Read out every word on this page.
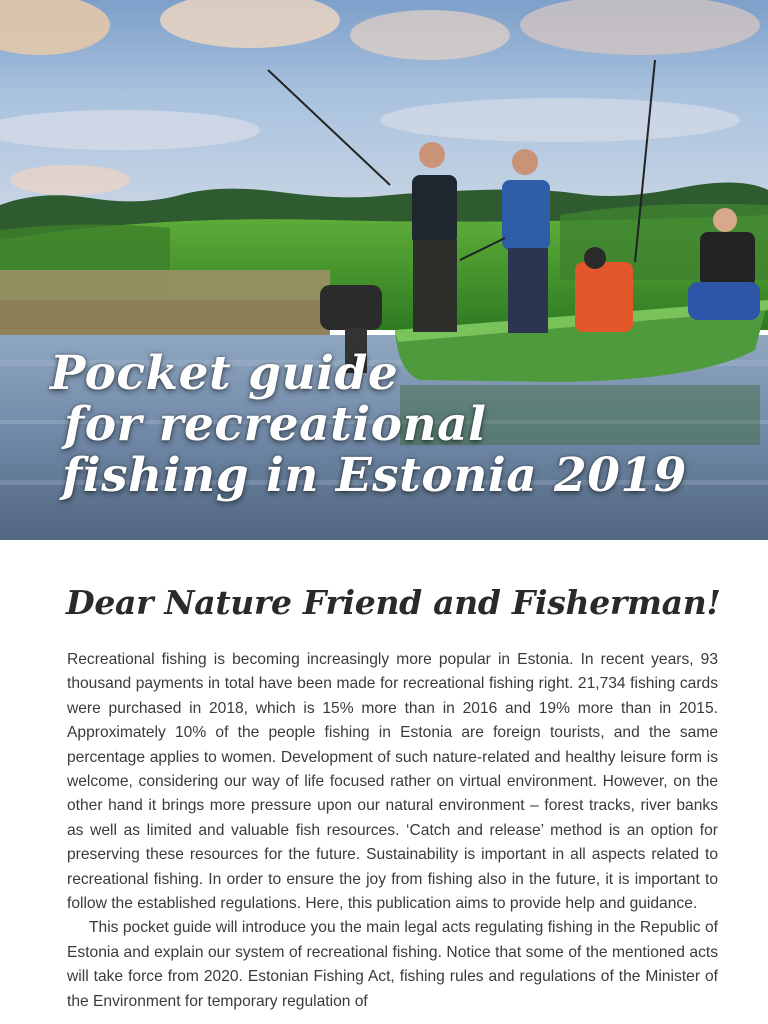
Pocket guide
for recreational
fishing in Estonia 2019
Dear Nature Friend and Fisherman!

Recreational fishing is becoming increasingly more popular in Estonia. In recent years, 93 thousand payments in total have been made for recreational fishing right. 21,734 fishing cards were purchased in 2018, which is 15% more than in 2016 and 19% more than in 2015. Approximately 10% of the people fishing in Estonia are foreign tourists, and the same percentage applies to women. Development of such nature-related and healthy leisure form is welcome, considering our way of life focused rather on virtual environment. However, on the other hand it brings more pressure upon our natural environment – forest tracks, river banks as well as limited and valuable fish resources. ‘Catch and release’ method is an option for preserving these resources for the future. Sustainability is important in all aspects related to recreational fishing. In order to ensure the joy from fishing also in the future, it is important to follow the established regulations. Here, this publication aims to provide help and guidance.

This pocket guide will introduce you the main legal acts regulating fishing in the Republic of Estonia and explain our system of recreational fishing. Notice that some of the mentioned acts will take force from 2020. Estonian Fishing Act, fishing rules and regulations of the Minister of the Environment for temporary regulation of
